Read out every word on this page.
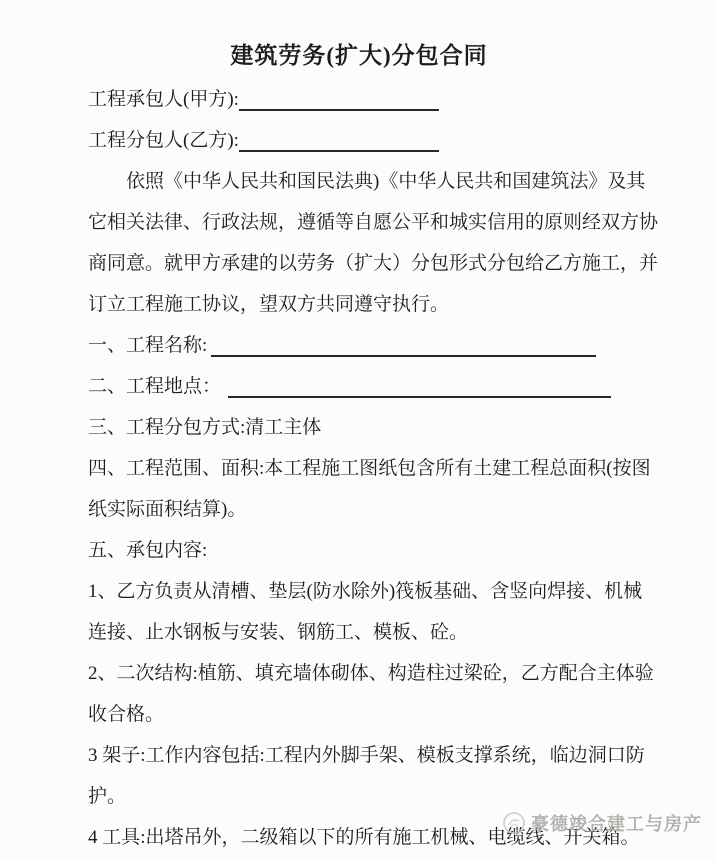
建筑劳务(扩大)分包合同
工程承包人(甲方):
工程分包人(乙方):
依照《中华人民共和国民法典)《中华人民共和国建筑法》及其
它相关法律、行政法规，遵循等自愿公平和城实信用的原则经双方协
商同意。就甲方承建的以劳务（扩大）分包形式分包给乙方施工，并
订立工程施工协议，望双方共同遵守执行。
一、工程名称:
二、工程地点：
三、工程分包方式:清工主体
四、工程范围、面积:本工程施工图纸包含所有土建工程总面积(按图
纸实际面积结算)。
五、承包内容:
1、乙方负责从清槽、垫层(防水除外)筏板基础、含竖向焊接、机械
连接、止水钢板与安装、钢筋工、模板、砼。
2、二次结构:植筋、填充墙体砌体、构造柱过梁砼，乙方配合主体验
收合格。
3 架子:工作内容包括:工程内外脚手架、模板支撑系统，临边洞口防
护。
4 工具:出塔吊外，二级箱以下的所有施工机械、电缆线、开关箱。
豪德竣合建工与房产
